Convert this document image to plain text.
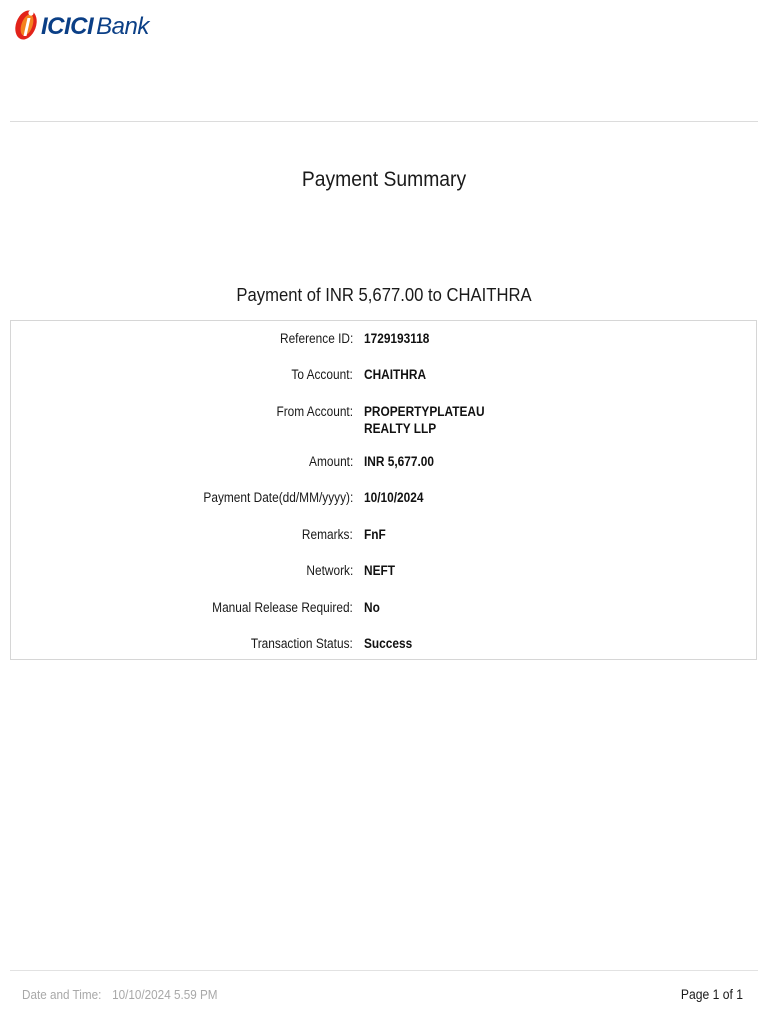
ICICI Bank
Payment Summary
Payment of INR 5,677.00 to CHAITHRA
Reference ID: 1729193118
To Account: CHAITHRA
From Account: PROPERTYPLATEAU
REALTY LLP
Amount: INR 5,677.00
Payment Date(dd/MM/yyyy): 10/10/2024
Remarks: FnF
Network: NEFT
Manual Release Required: No
Transaction Status: Success
Date and Time: 10/10/2024 5.59 PM	Page 1 of 1
